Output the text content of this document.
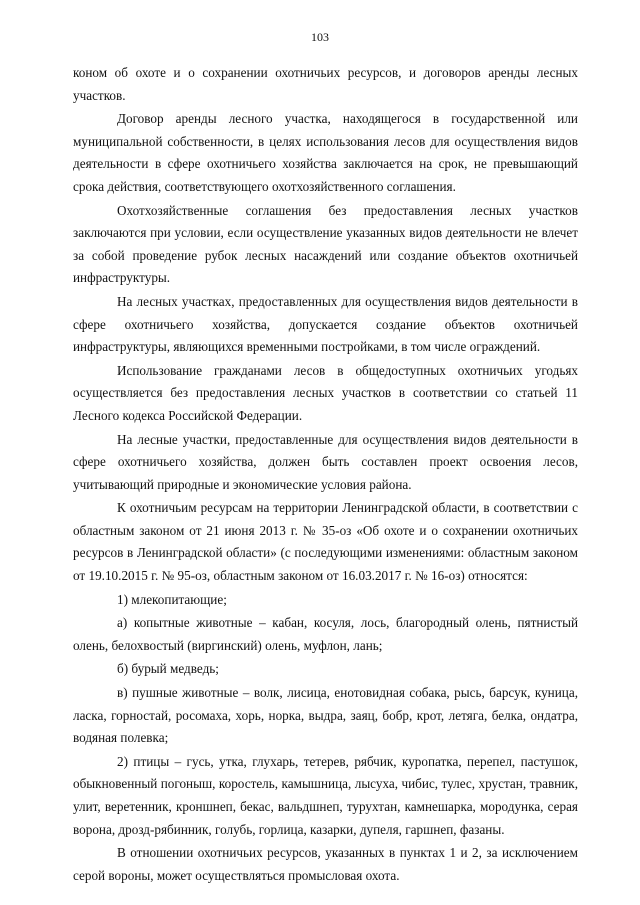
103

коном об охоте и о сохранении охотничьих ресурсов, и договоров аренды лесных участков.

Договор аренды лесного участка, находящегося в государственной или муниципальной собственности, в целях использования лесов для осуществления видов деятельности в сфере охотничьего хозяйства заключается на срок, не превышающий срока действия, соответствующего охотхозяйственного соглашения.

Охотхозяйственные соглашения без предоставления лесных участков заключаются при условии, если осуществление указанных видов деятельности не влечет за собой проведение рубок лесных насаждений или создание объектов охотничьей инфраструктуры.

На лесных участках, предоставленных для осуществления видов деятельности в сфере охотничьего хозяйства, допускается создание объектов охотничьей инфраструктуры, являющихся временными постройками, в том числе ограждений.

Использование гражданами лесов в общедоступных охотничьих угодьях осуществляется без предоставления лесных участков в соответствии со статьей 11 Лесного кодекса Российской Федерации.

На лесные участки, предоставленные для осуществления видов деятельности в сфере охотничьего хозяйства, должен быть составлен проект освоения лесов, учитывающий природные и экономические условия района.

К охотничьим ресурсам на территории Ленинградской области, в соответствии с областным законом от 21 июня 2013 г. № 35-оз «Об охоте и о сохранении охотничьих ресурсов в Ленинградской области» (с последующими изменениями: областным законом от 19.10.2015 г. № 95-оз, областным законом от 16.03.2017 г. № 16-оз) относятся:

1) млекопитающие;

а) копытные животные – кабан, косуля, лось, благородный олень, пятнистый олень, белохвостый (виргинский) олень, муфлон, лань;

б) бурый медведь;

в) пушные животные – волк, лисица, енотовидная собака, рысь, барсук, куница, ласка, горностай, росомаха, хорь, норка, выдра, заяц, бобр, крот, летяга, белка, ондатра, водяная полевка;

2) птицы – гусь, утка, глухарь, тетерев, рябчик, куропатка, перепел, пастушок, обыкновенный погоныш, коростель, камышница, лысуха, чибис, тулес, хрустан, травник, улит, веретенник, кроншнеп, бекас, вальдшнеп, турухтан, камнешарка, мородунка, серая ворона, дрозд-рябинник, голубь, горлица, казарки, дупеля, гаршнеп, фазаны.

В отношении охотничьих ресурсов, указанных в пунктах 1 и 2, за исключением серой вороны, может осуществляться промысловая охота.
